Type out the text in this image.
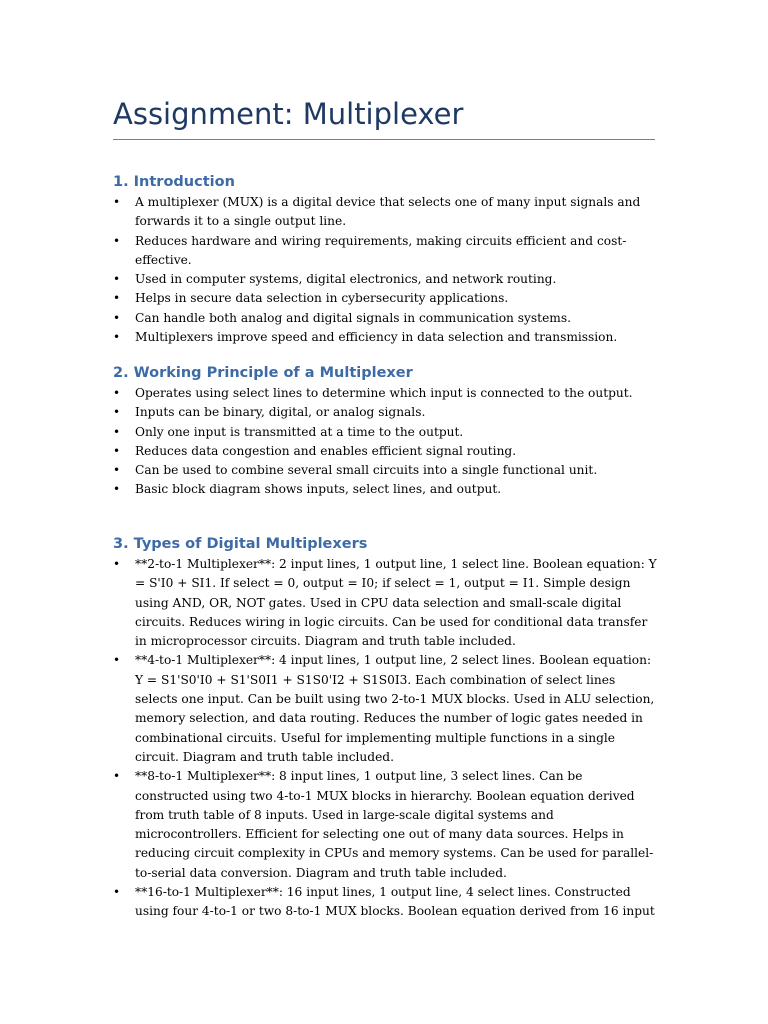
Assignment: Multiplexer
1. Introduction
• A multiplexer (MUX) is a digital device that selects one of many input signals and forwards it to a single output line.
• Reduces hardware and wiring requirements, making circuits efficient and cost-effective.
• Used in computer systems, digital electronics, and network routing.
• Helps in secure data selection in cybersecurity applications.
• Can handle both analog and digital signals in communication systems.
• Multiplexers improve speed and efficiency in data selection and transmission.
2. Working Principle of a Multiplexer
• Operates using select lines to determine which input is connected to the output.
• Inputs can be binary, digital, or analog signals.
• Only one input is transmitted at a time to the output.
• Reduces data congestion and enables efficient signal routing.
• Can be used to combine several small circuits into a single functional unit.
• Basic block diagram shows inputs, select lines, and output.
3. Types of Digital Multiplexers
• **2-to-1 Multiplexer**: 2 input lines, 1 output line, 1 select line. Boolean equation: Y = S'I0 + SI1. If select = 0, output = I0; if select = 1, output = I1. Simple design using AND, OR, NOT gates. Used in CPU data selection and small-scale digital circuits. Reduces wiring in logic circuits. Can be used for conditional data transfer in microprocessor circuits. Diagram and truth table included.
• **4-to-1 Multiplexer**: 4 input lines, 1 output line, 2 select lines. Boolean equation: Y = S1'S0'I0 + S1'S0I1 + S1S0'I2 + S1S0I3. Each combination of select lines selects one input. Can be built using two 2-to-1 MUX blocks. Used in ALU selection, memory selection, and data routing. Reduces the number of logic gates needed in combinational circuits. Useful for implementing multiple functions in a single circuit. Diagram and truth table included.
• **8-to-1 Multiplexer**: 8 input lines, 1 output line, 3 select lines. Can be constructed using two 4-to-1 MUX blocks in hierarchy. Boolean equation derived from truth table of 8 inputs. Used in large-scale digital systems and microcontrollers. Efficient for selecting one out of many data sources. Helps in reducing circuit complexity in CPUs and memory systems. Can be used for parallel-to-serial data conversion. Diagram and truth table included.
• **16-to-1 Multiplexer**: 16 input lines, 1 output line, 4 select lines. Constructed using four 4-to-1 or two 8-to-1 MUX blocks. Boolean equation derived from 16 input
